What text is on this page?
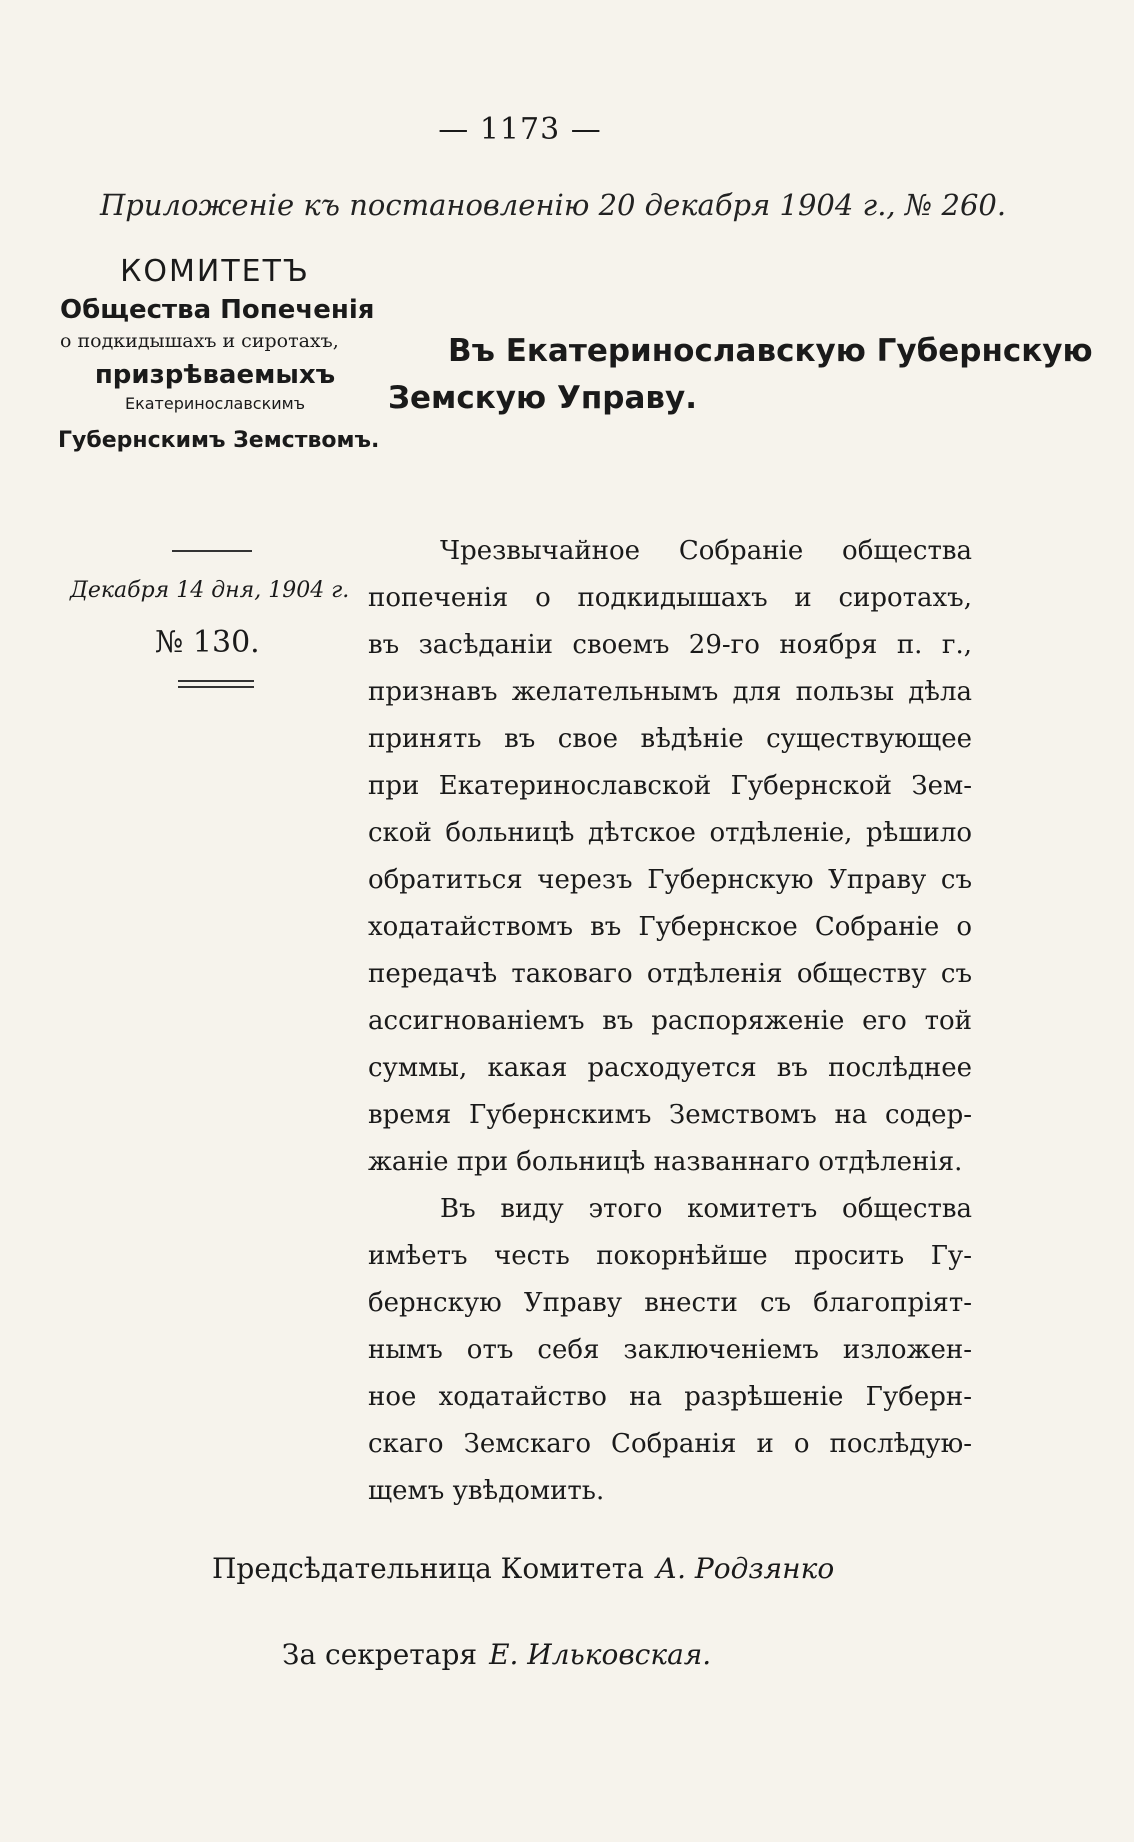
— 1173 —
Приложенiе къ постановленiю 20 декабря 1904 г., № 260.
КОМИТЕТЪ
Общества Попеченiя
о подкидышахъ и сиротахъ,
призрѣваемыхъ
Екатеринославскимъ
Губернскимъ Земствомъ.
Декабря 14 дня, 1904 г.
№ 130.
Въ Екатеринославскую Губернскую
Земскую Управу.
Чрезвычайное Собранiе общества
попеченiя о подкидышахъ и сиротахъ,
въ засѣданiи своемъ 29-го ноября п. г.,
признавъ желательнымъ для пользы дѣла
принять въ свое вѣдѣнiе существующее
при Екатеринославской Губернской Зем-
ской больницѣ дѣтское отдѣленiе, рѣшило
обратиться черезъ Губернскую Управу съ
ходатайствомъ въ Губернское Собранiе о
передачѣ таковаго отдѣленiя обществу съ
ассигнованiемъ въ распоряженiе его той
суммы, какая расходуется въ послѣднее
время Губернскимъ Земствомъ на содер-
жанiе при больницѣ названнаго отдѣленiя.
Въ виду этого комитетъ общества
имѣетъ честь покорнѣйше просить Гу-
бернскую Управу внести съ благопрiят-
нымъ отъ себя заключенiемъ изложен-
ное ходатайство на разрѣшенiе Губерн-
скаго Земскаго Собранiя и о послѣдую-
щемъ увѣдомить.
Предсѣдательница Комитета А. Родзянко
За секретаря Е. Ильковская.
